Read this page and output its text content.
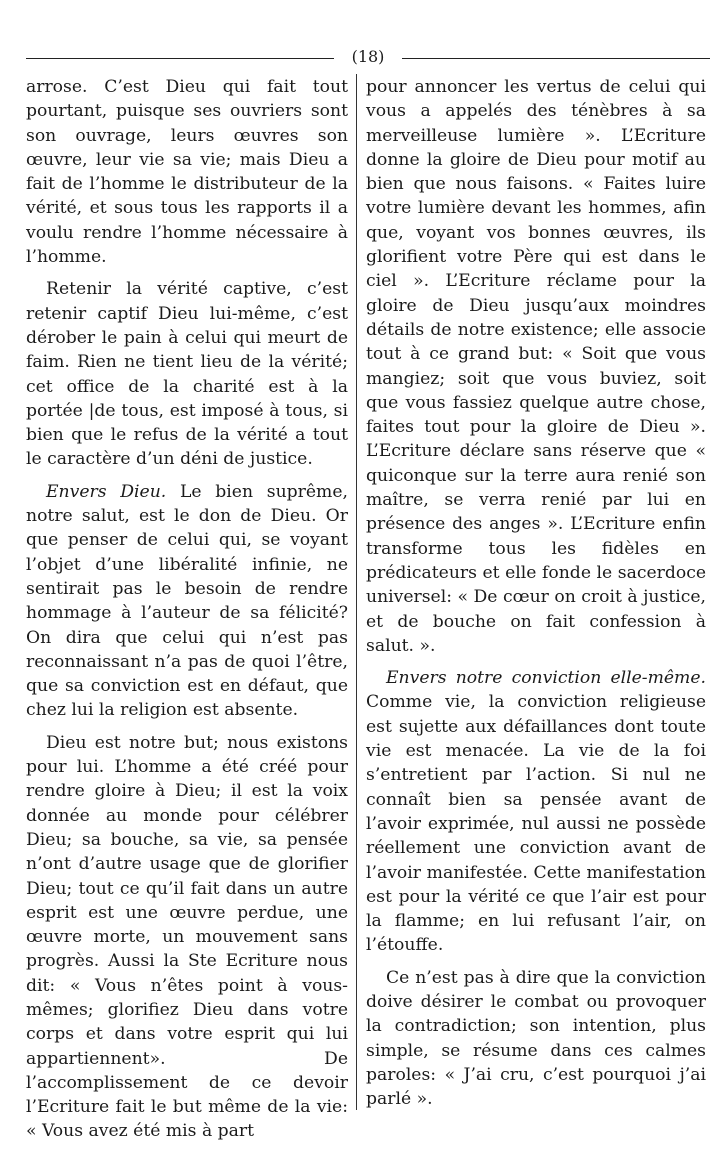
(18)

arrose. C’est Dieu qui fait tout pourtant, puisque ses ouvriers sont son ouvrage, leurs œuvres son œuvre, leur vie sa vie; mais Dieu a fait de l’homme le distributeur de la vérité, et sous tous les rapports il a voulu rendre l’homme nécessaire à l’homme.

Retenir la vérité captive, c’est retenir captif Dieu lui-même, c’est dérober le pain à celui qui meurt de faim. Rien ne tient lieu de la vérité; cet office de la charité est à la portée |de tous, est imposé à tous, si bien que le refus de la vérité a tout le caractère d’un déni de justice.

Envers Dieu. Le bien suprême, notre salut, est le don de Dieu. Or que penser de celui qui, se voyant l’objet d’une libéralité infinie, ne sentirait pas le besoin de rendre hommage à l’auteur de sa félicité? On dira que celui qui n’est pas reconnaissant n’a pas de quoi l’être, que sa conviction est en défaut, que chez lui la religion est absente.

Dieu est notre but; nous existons pour lui. L’homme a été créé pour rendre gloire à Dieu; il est la voix donnée au monde pour célébrer Dieu; sa bouche, sa vie, sa pensée n’ont d’autre usage que de glorifier Dieu; tout ce qu’il fait dans un autre esprit est une œuvre perdue, une œuvre morte, un mouvement sans progrès. Aussi la Ste Ecriture nous dit: « Vous n’êtes point à vous-mêmes; glorifiez Dieu dans votre corps et dans votre esprit qui lui appartiennent». De l’accomplissement de ce devoir l’Ecriture fait le but même de la vie: « Vous avez été mis à part

pour annoncer les vertus de celui qui vous a appelés des ténèbres à sa merveilleuse lumière ». L’Ecriture donne la gloire de Dieu pour motif au bien que nous faisons. « Faites luire votre lumière devant les hommes, afin que, voyant vos bonnes œuvres, ils glorifient votre Père qui est dans le ciel ». L’Ecriture réclame pour la gloire de Dieu jusqu’aux moindres détails de notre existence; elle associe tout à ce grand but: « Soit que vous mangiez; soit que vous buviez, soit que vous fassiez quelque autre chose, faites tout pour la gloire de Dieu ». L’Ecriture déclare sans réserve que « quiconque sur la terre aura renié son maître, se verra renié par lui en présence des anges ». L’Ecriture enfin transforme tous les fidèles en prédicateurs et elle fonde le sacerdoce universel: « De cœur on croit à justice, et de bouche on fait confession à salut. ».

Envers notre conviction elle-même. Comme vie, la conviction religieuse est sujette aux défaillances dont toute vie est menacée. La vie de la foi s’entretient par l’action. Si nul ne connaît bien sa pensée avant de l’avoir exprimée, nul aussi ne possède réellement une conviction avant de l’avoir manifestée. Cette manifestation est pour la vérité ce que l’air est pour la flamme; en lui refusant l’air, on l’étouffe.

Ce n’est pas à dire que la conviction doive désirer le combat ou provoquer la contradiction; son intention, plus simple, se résume dans ces calmes paroles: « J’ai cru, c’est pourquoi j’ai parlé ».
